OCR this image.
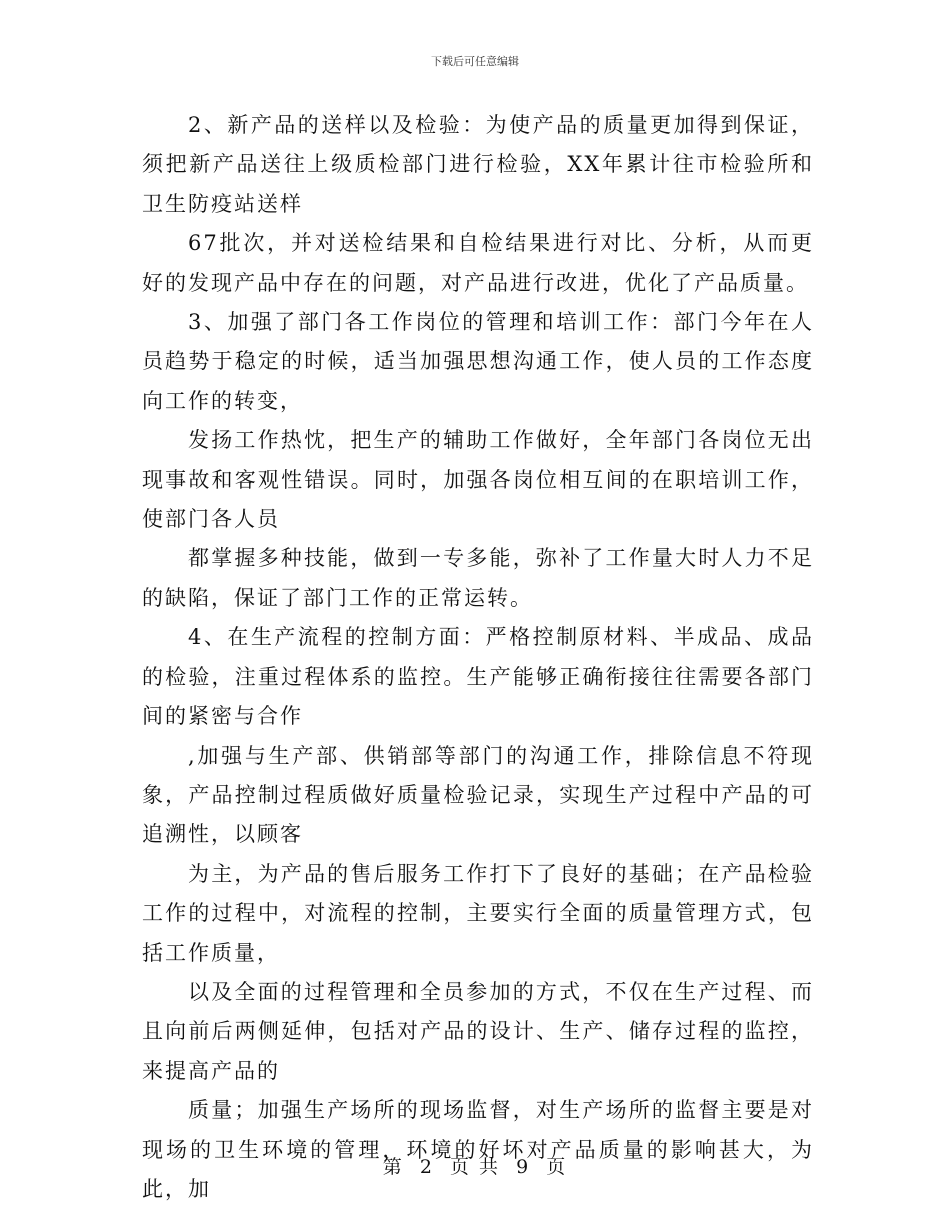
下载后可任意编辑

2、新产品的送样以及检验：为使产品的质量更加得到保证，须把新产品送往上级质检部门进行检验，XX年累计往市检验所和卫生防疫站送样

67批次，并对送检结果和自检结果进行对比、分析，从而更好的发现产品中存在的问题，对产品进行改进，优化了产品质量。

3、加强了部门各工作岗位的管理和培训工作：部门今年在人员趋势于稳定的时候，适当加强思想沟通工作，使人员的工作态度向工作的转变，

发扬工作热忱，把生产的辅助工作做好，全年部门各岗位无出现事故和客观性错误。同时，加强各岗位相互间的在职培训工作，使部门各人员

都掌握多种技能，做到一专多能，弥补了工作量大时人力不足的缺陷，保证了部门工作的正常运转。

4、在生产流程的控制方面：严格控制原材料、半成品、成品的检验，注重过程体系的监控。生产能够正确衔接往往需要各部门间的紧密与合作

,加强与生产部、供销部等部门的沟通工作，排除信息不符现象，产品控制过程质做好质量检验记录，实现生产过程中产品的可追溯性，以顾客

为主，为产品的售后服务工作打下了良好的基础；在产品检验工作的过程中，对流程的控制，主要实行全面的质量管理方式，包括工作质量，

以及全面的过程管理和全员参加的方式，不仅在生产过程、而且向前后两侧延伸，包括对产品的设计、生产、储存过程的监控，来提高产品的

质量；加强生产场所的现场监督，对生产场所的监督主要是对现场的卫生环境的管理，环境的好坏对产品质量的影响甚大，为此，加

第 2 页 共 9 页
